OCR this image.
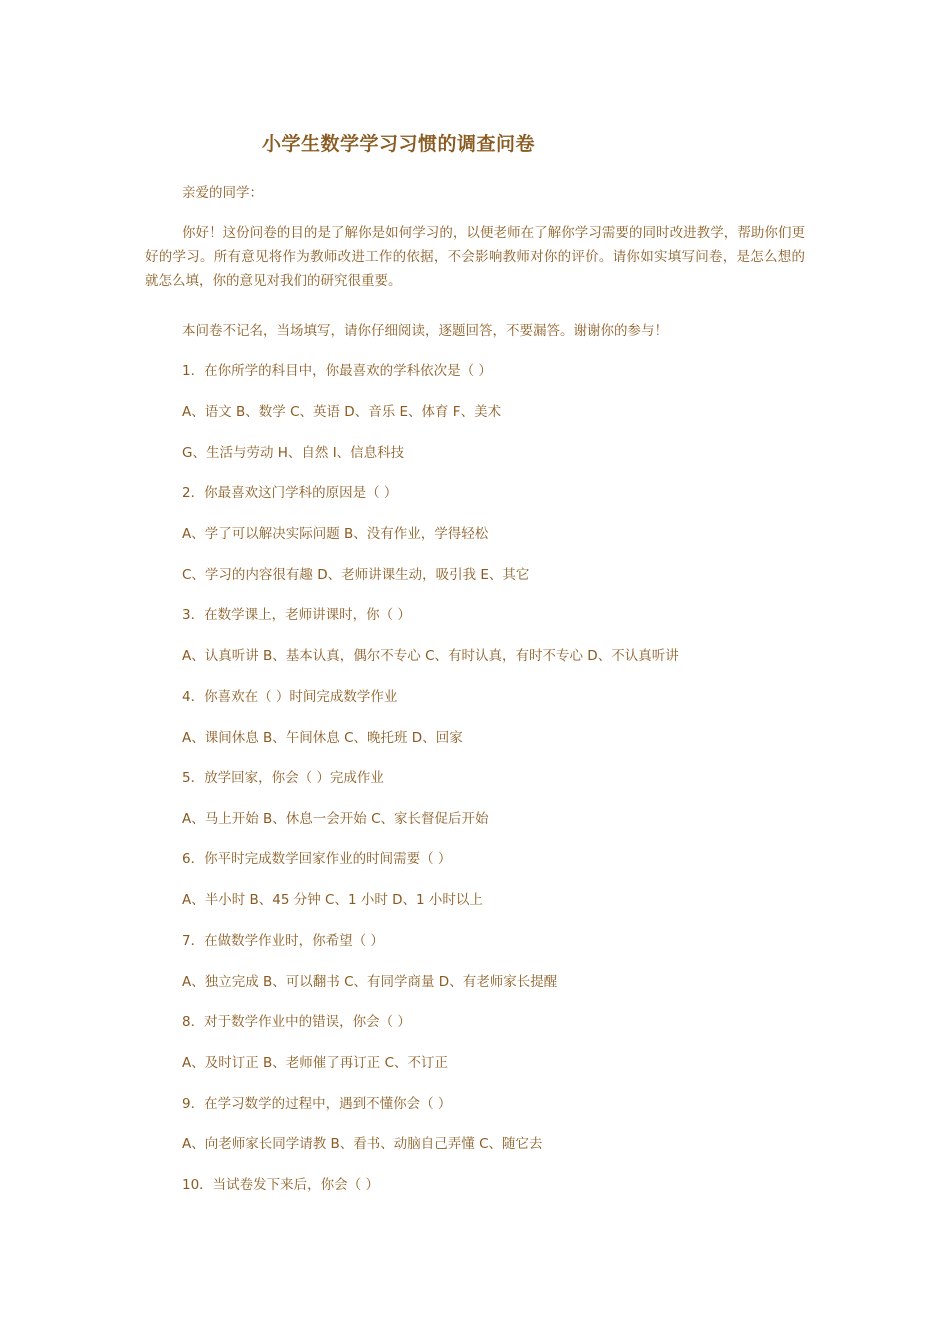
小学生数学学习习惯的调查问卷
亲爱的同学：
你好！这份问卷的目的是了解你是如何学习的，以便老师在了解你学习需要的同时改进教学，帮助你们更好的学习。所有意见将作为教师改进工作的依据，不会影响教师对你的评价。请你如实填写问卷，是怎么想的就怎么填，你的意见对我们的研究很重要。
本问卷不记名，当场填写，请你仔细阅读，逐题回答，不要漏答。谢谢你的参与！
1．在你所学的科目中，你最喜欢的学科依次是（ ）
A、语文 B、数学 C、英语 D、音乐 E、体育 F、美术
G、生活与劳动 H、自然 I、信息科技
2．你最喜欢这门学科的原因是（ ）
A、学了可以解决实际问题 B、没有作业，学得轻松
C、学习的内容很有趣 D、老师讲课生动，吸引我 E、其它
3．在数学课上，老师讲课时，你（ ）
A、认真听讲 B、基本认真，偶尔不专心 C、有时认真，有时不专心 D、不认真听讲
4．你喜欢在（ ）时间完成数学作业
A、课间休息 B、午间休息 C、晚托班 D、回家
5．放学回家，你会（ ）完成作业
A、马上开始 B、休息一会开始 C、家长督促后开始
6．你平时完成数学回家作业的时间需要（ ）
A、半小时 B、45 分钟 C、1 小时 D、1 小时以上
7．在做数学作业时，你希望（ ）
A、独立完成 B、可以翻书 C、有同学商量 D、有老师家长提醒
8．对于数学作业中的错误，你会（ ）
A、及时订正 B、老师催了再订正 C、不订正
9．在学习数学的过程中，遇到不懂你会（ ）
A、向老师家长同学请教 B、看书、动脑自己弄懂 C、随它去
10．当试卷发下来后，你会（ ）
